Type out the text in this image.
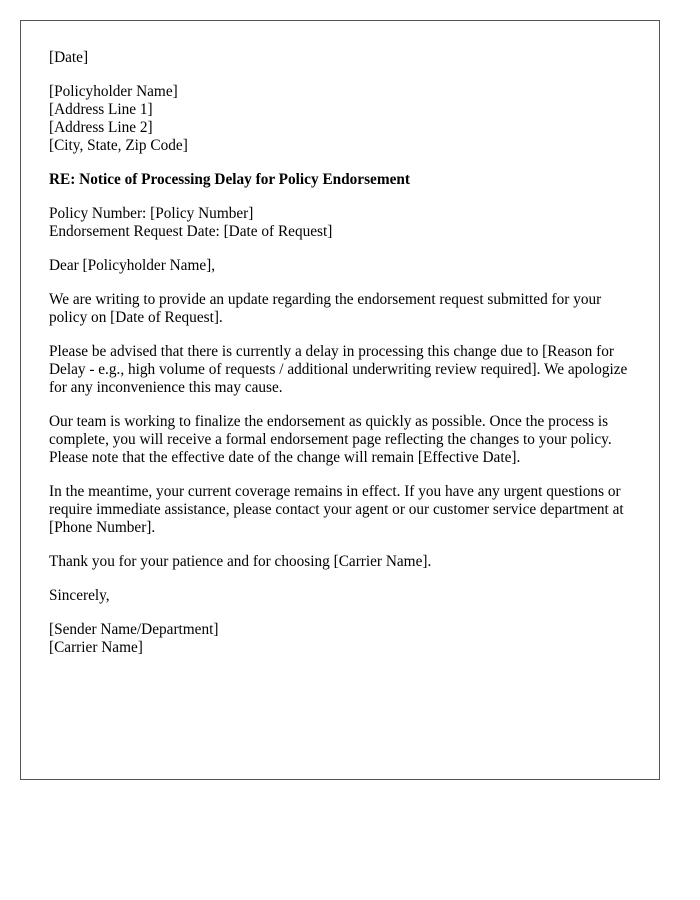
[Date]
[Policyholder Name]
[Address Line 1]
[Address Line 2]
[City, State, Zip Code]
RE: Notice of Processing Delay for Policy Endorsement
Policy Number: [Policy Number]
Endorsement Request Date: [Date of Request]
Dear [Policyholder Name],

We are writing to provide an update regarding the endorsement request submitted for your policy on [Date of Request].

Please be advised that there is currently a delay in processing this change due to [Reason for Delay - e.g., high volume of requests / additional underwriting review required]. We apologize for any inconvenience this may cause.

Our team is working to finalize the endorsement as quickly as possible. Once the process is complete, you will receive a formal endorsement page reflecting the changes to your policy. Please note that the effective date of the change will remain [Effective Date].

In the meantime, your current coverage remains in effect. If you have any urgent questions or require immediate assistance, please contact your agent or our customer service department at [Phone Number].

Thank you for your patience and for choosing [Carrier Name].

Sincerely,
[Sender Name/Department]
[Carrier Name]
